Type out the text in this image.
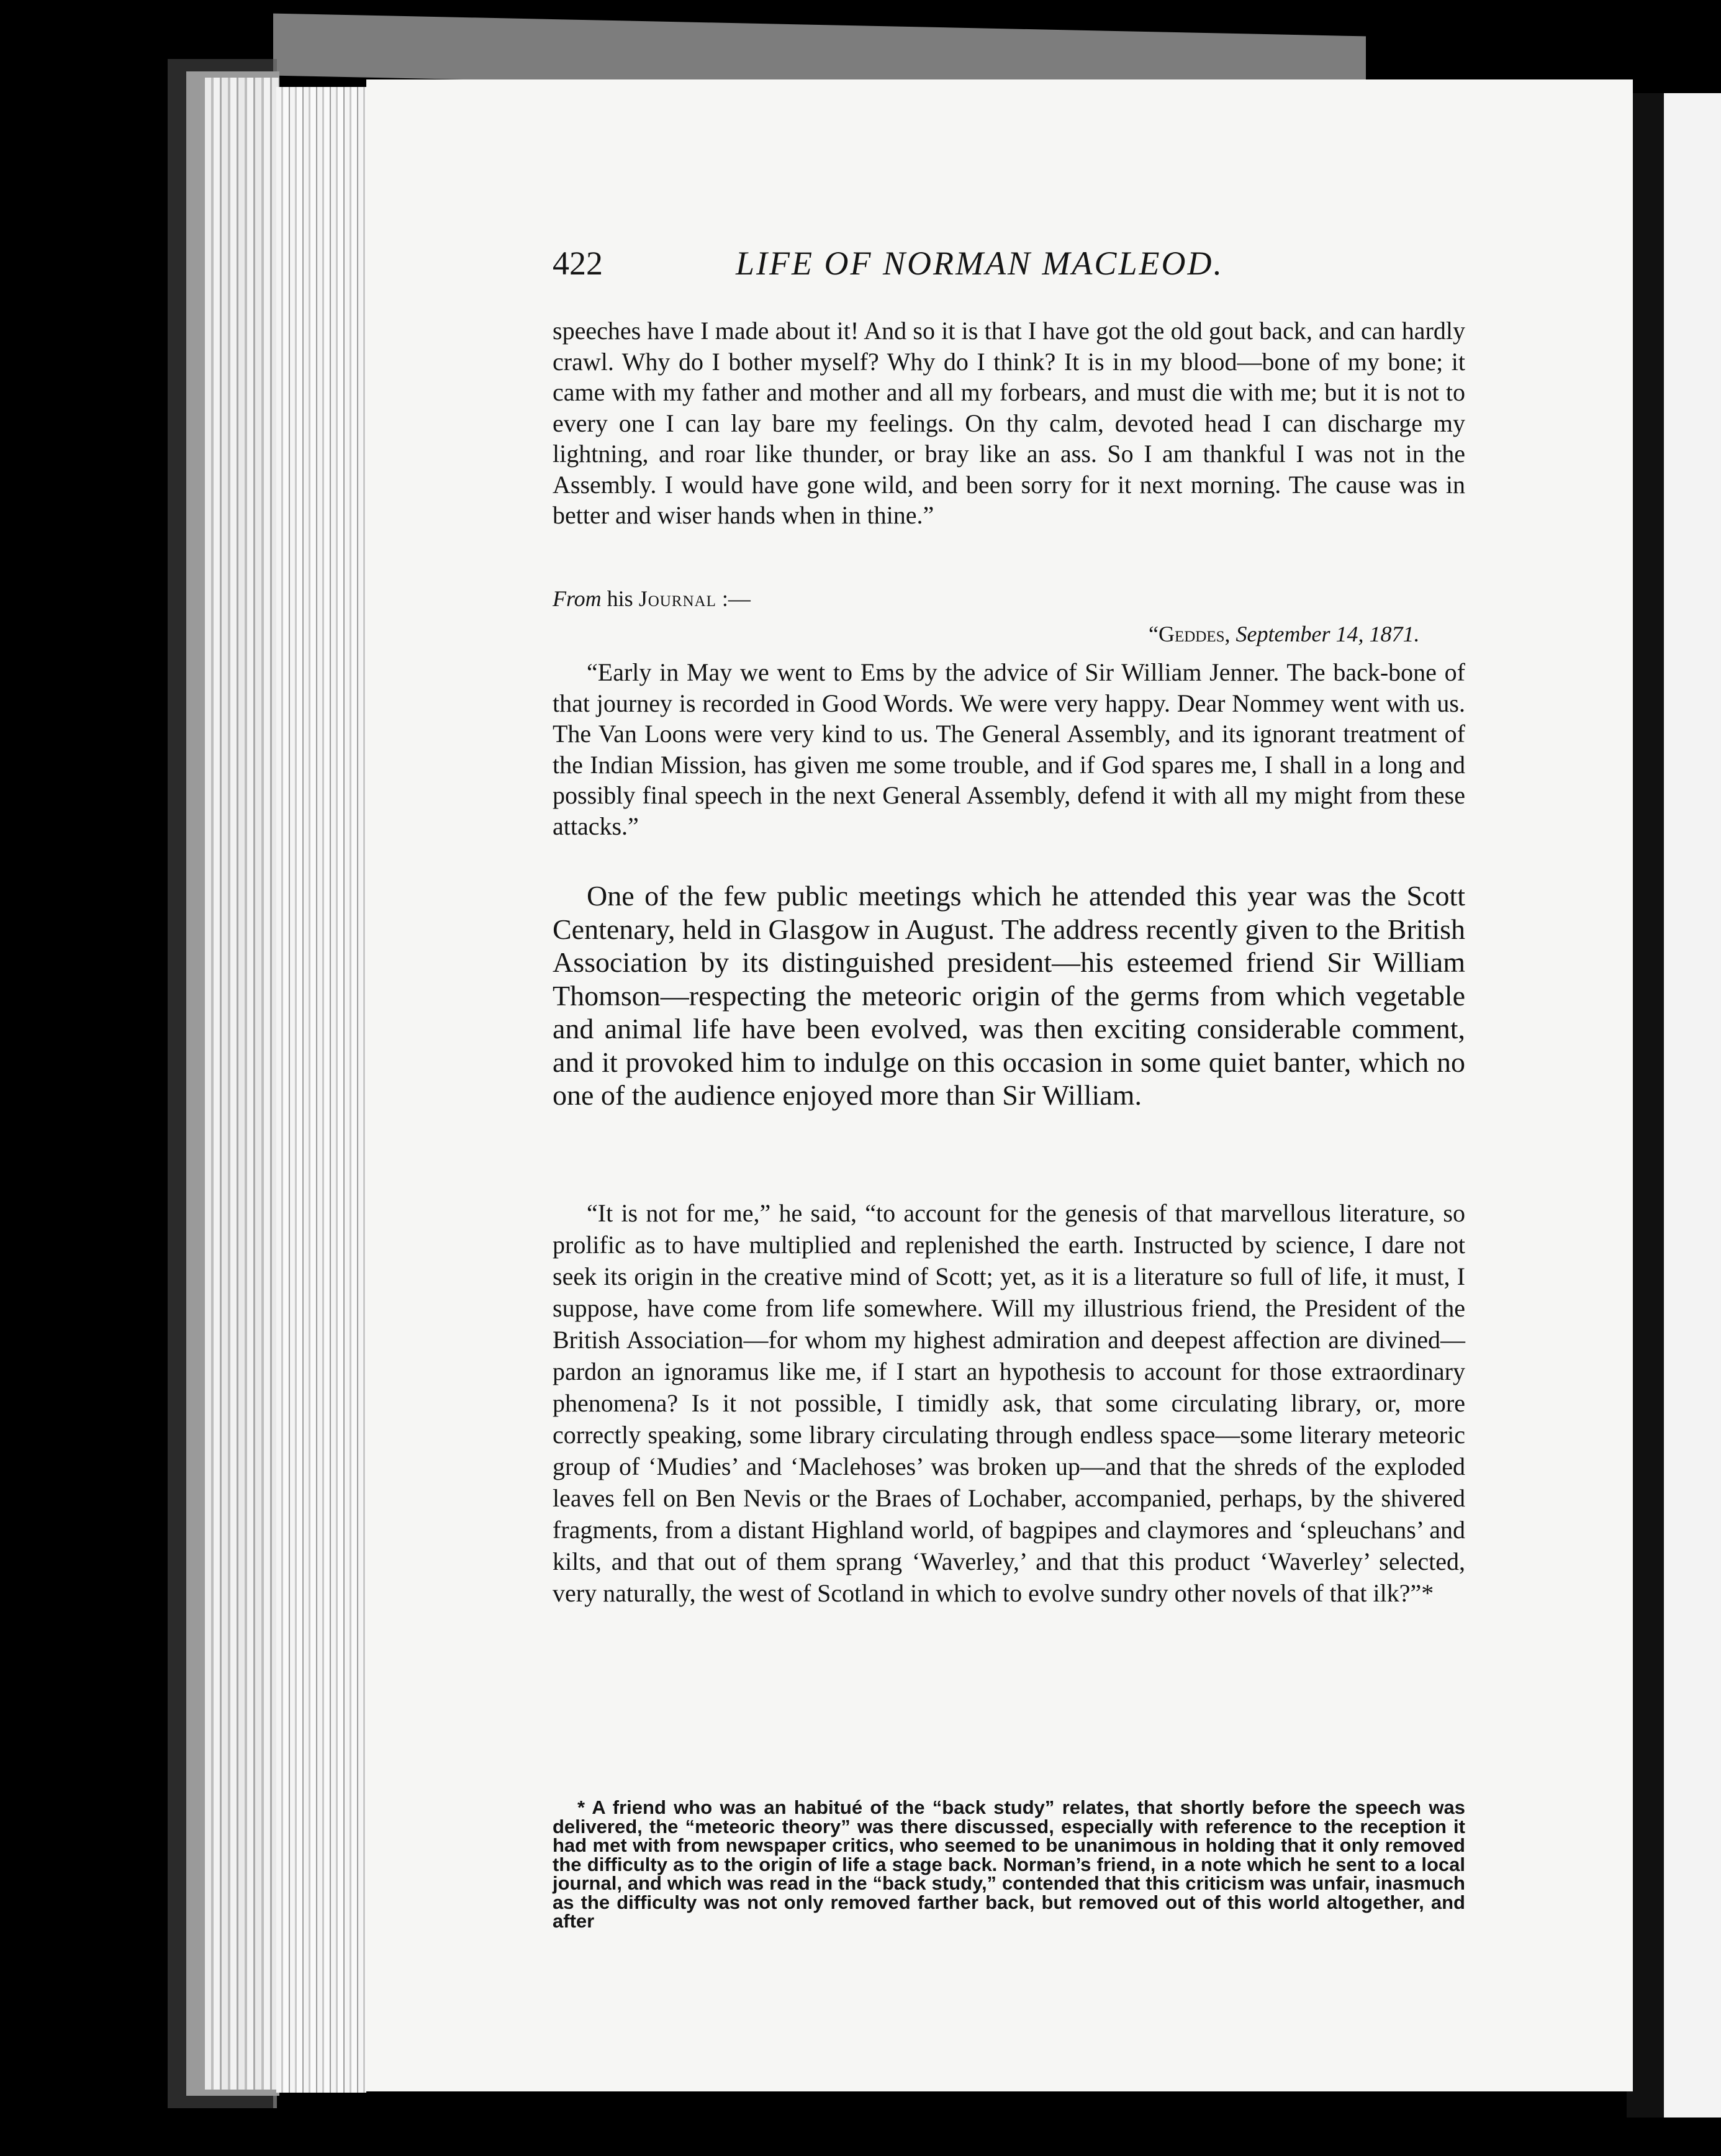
422	LIFE OF NORMAN MACLEOD.

speeches have I made about it! And so it is that I have got the old gout back, and can hardly crawl. Why do I bother myself? Why do I think? It is in my blood—bone of my bone; it came with my father and mother and all my forbears, and must die with me; but it is not to every one I can lay bare my feelings. On thy calm, devoted head I can discharge my lightning, and roar like thunder, or bray like an ass. So I am thankful I was not in the Assembly. I would have gone wild, and been sorry for it next morning. The cause was in better and wiser hands when in thine.”

From his Journal :—
“Geddes, September 14, 1871.

“Early in May we went to Ems by the advice of Sir William Jenner. The back-bone of that journey is recorded in Good Words. We were very happy. Dear Nommey went with us. The Van Loons were very kind to us. The General Assembly, and its ignorant treatment of the Indian Mission, has given me some trouble, and if God spares me, I shall in a long and possibly final speech in the next General Assembly, defend it with all my might from these attacks.”

One of the few public meetings which he attended this year was the Scott Centenary, held in Glasgow in August. The address recently given to the British Association by its distinguished president—his esteemed friend Sir William Thomson—respecting the meteoric origin of the germs from which vegetable and animal life have been evolved, was then exciting considerable comment, and it provoked him to indulge on this occasion in some quiet banter, which no one of the audience enjoyed more than Sir William.

“It is not for me,” he said, “to account for the genesis of that marvellous literature, so prolific as to have multiplied and replenished the earth. Instructed by science, I dare not seek its origin in the creative mind of Scott; yet, as it is a literature so full of life, it must, I suppose, have come from life somewhere. Will my illustrious friend, the President of the British Association—for whom my highest admiration and deepest affection are divined—pardon an ignoramus like me, if I start an hypothesis to account for those extraordinary phenomena? Is it not possible, I timidly ask, that some circulating library, or, more correctly speaking, some library circulating through endless space—some literary meteoric group of ‘Mudies’ and ‘Maclehoses’ was broken up—and that the shreds of the exploded leaves fell on Ben Nevis or the Braes of Lochaber, accompanied, perhaps, by the shivered fragments, from a distant Highland world, of bagpipes and claymores and ‘spleuchans’ and kilts, and that out of them sprang ‘Waverley,’ and that this product ‘Waverley’ selected, very naturally, the west of Scotland in which to evolve sundry other novels of that ilk?”*

* A friend who was an habitué of the “back study” relates, that shortly before the speech was delivered, the “meteoric theory” was there discussed, especially with reference to the reception it had met with from newspaper critics, who seemed to be unanimous in holding that it only removed the difficulty as to the origin of life a stage back. Norman’s friend, in a note which he sent to a local journal, and which was read in the “back study,” contended that this criticism was unfair, inasmuch as the difficulty was not only removed farther back, but removed out of this world altogether, and after
